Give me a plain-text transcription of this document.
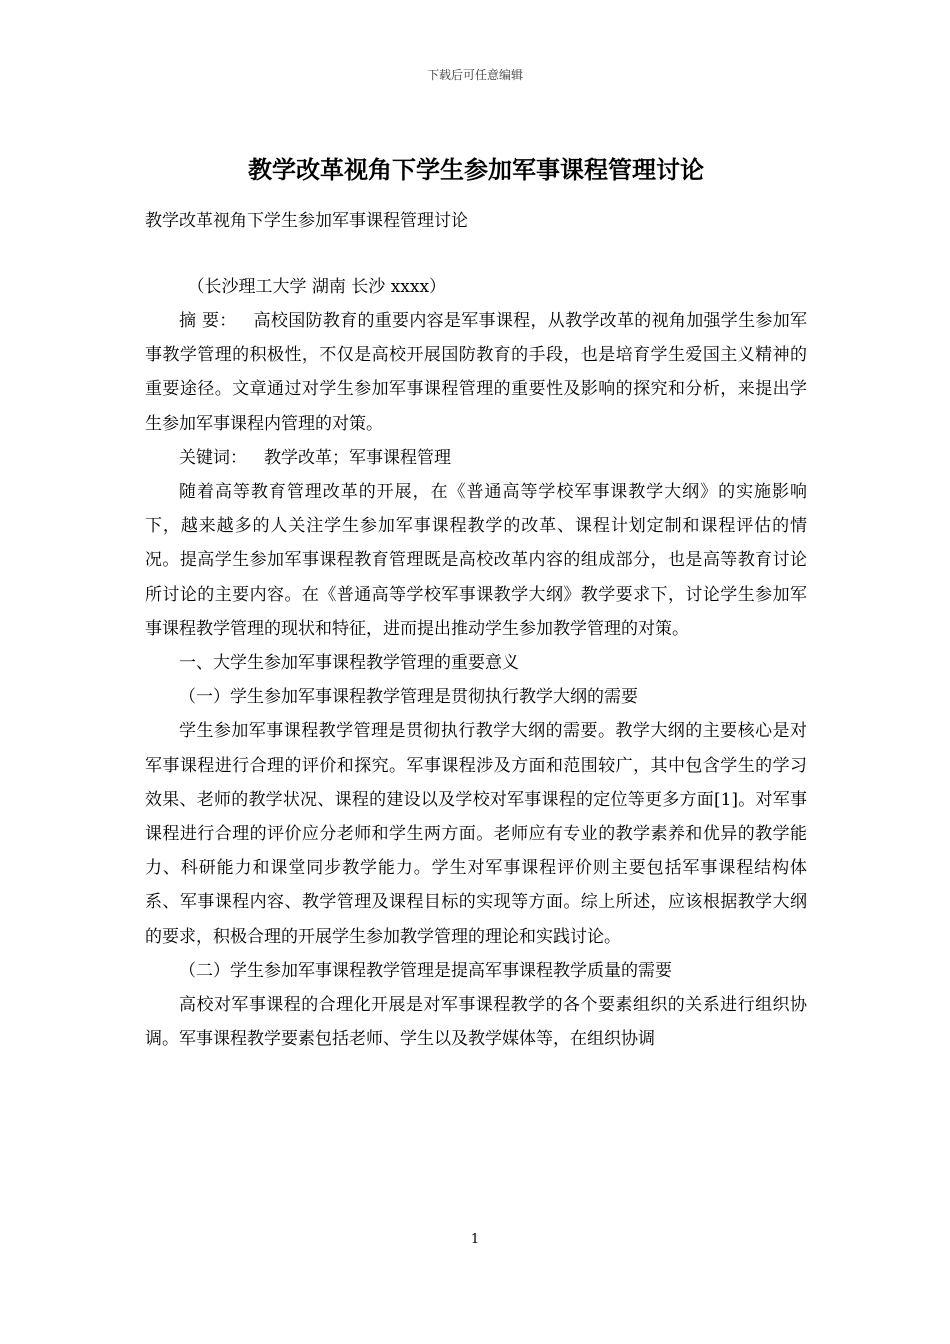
下载后可任意编辑
教学改革视角下学生参加军事课程管理讨论

教学改革视角下学生参加军事课程管理讨论

（长沙理工大学 湖南 长沙 xxxx）

摘 要： 高校国防教育的重要内容是军事课程，从教学改革的视角加强学生参加军事教学管理的积极性，不仅是高校开展国防教育的手段，也是培育学生爱国主义精神的重要途径。文章通过对学生参加军事课程管理的重要性及影响的探究和分析，来提出学生参加军事课程内管理的对策。

关键词： 教学改革；军事课程管理

随着高等教育管理改革的开展，在《普通高等学校军事课教学大纲》的实施影响下，越来越多的人关注学生参加军事课程教学的改革、课程计划定制和课程评估的情况。提高学生参加军事课程教育管理既是高校改革内容的组成部分，也是高等教育讨论所讨论的主要内容。在《普通高等学校军事课教学大纲》教学要求下，讨论学生参加军事课程教学管理的现状和特征，进而提出推动学生参加教学管理的对策。

一、大学生参加军事课程教学管理的重要意义

（一）学生参加军事课程教学管理是贯彻执行教学大纲的需要

学生参加军事课程教学管理是贯彻执行教学大纲的需要。教学大纲的主要核心是对军事课程进行合理的评价和探究。军事课程涉及方面和范围较广，其中包含学生的学习效果、老师的教学状况、课程的建设以及学校对军事课程的定位等更多方面[1]。对军事课程进行合理的评价应分老师和学生两方面。老师应有专业的教学素养和优异的教学能力、科研能力和课堂同步教学能力。学生对军事课程评价则主要包括军事课程结构体系、军事课程内容、教学管理及课程目标的实现等方面。综上所述，应该根据教学大纲的要求，积极合理的开展学生参加教学管理的理论和实践讨论。

（二）学生参加军事课程教学管理是提高军事课程教学质量的需要

高校对军事课程的合理化开展是对军事课程教学的各个要素组织的关系进行组织协调。军事课程教学要素包括老师、学生以及教学媒体等，在组织协调

1
